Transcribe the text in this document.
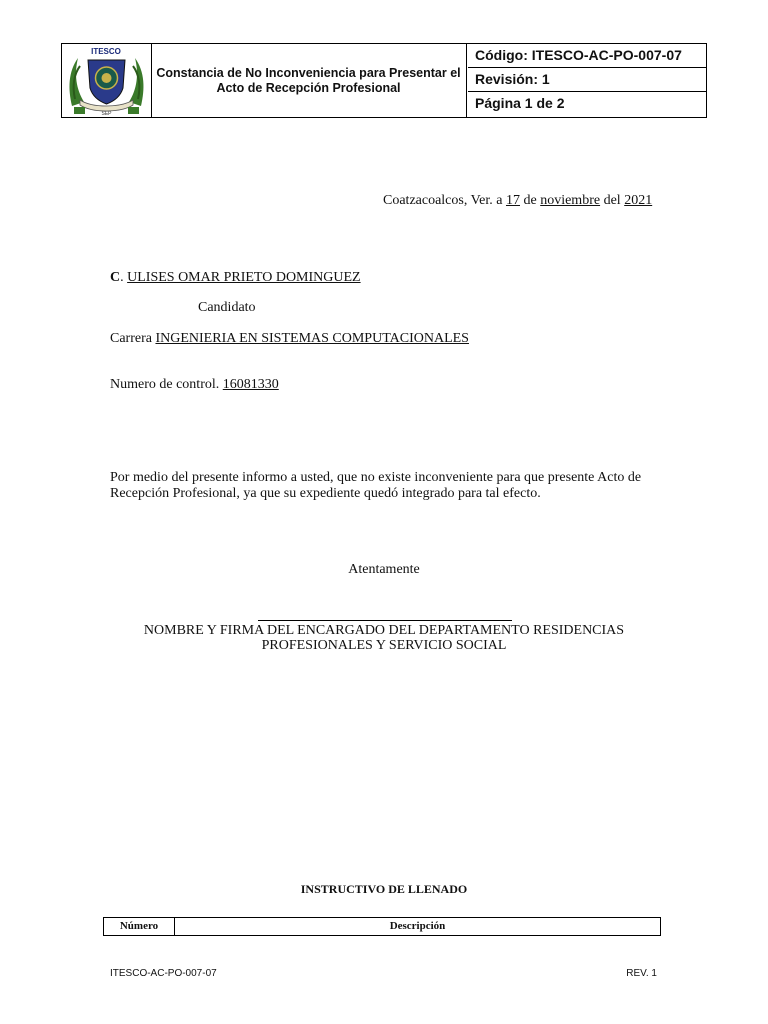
ITESCO
SEP
Constancia de No Inconveniencia para Presentar el Acto de Recepción Profesional
Código: ITESCO-AC-PO-007-07
Revisión: 1
Página 1 de 2
Coatzacoalcos, Ver. a 17 de noviembre del 2021
C. ULISES OMAR PRIETO DOMINGUEZ
Candidato
Carrera INGENIERIA EN SISTEMAS COMPUTACIONALES
Numero de control. 16081330
Por medio del presente informo a usted, que no existe inconveniente para que presente Acto de
Recepción Profesional, ya que su expediente quedó integrado para tal efecto.
Atentamente
NOMBRE Y FIRMA DEL ENCARGADO DEL DEPARTAMENTO RESIDENCIAS
PROFESIONALES Y SERVICIO SOCIAL
INSTRUCTIVO DE LLENADO
Número	Descripción
ITESCO-AC-PO-007-07	REV. 1
